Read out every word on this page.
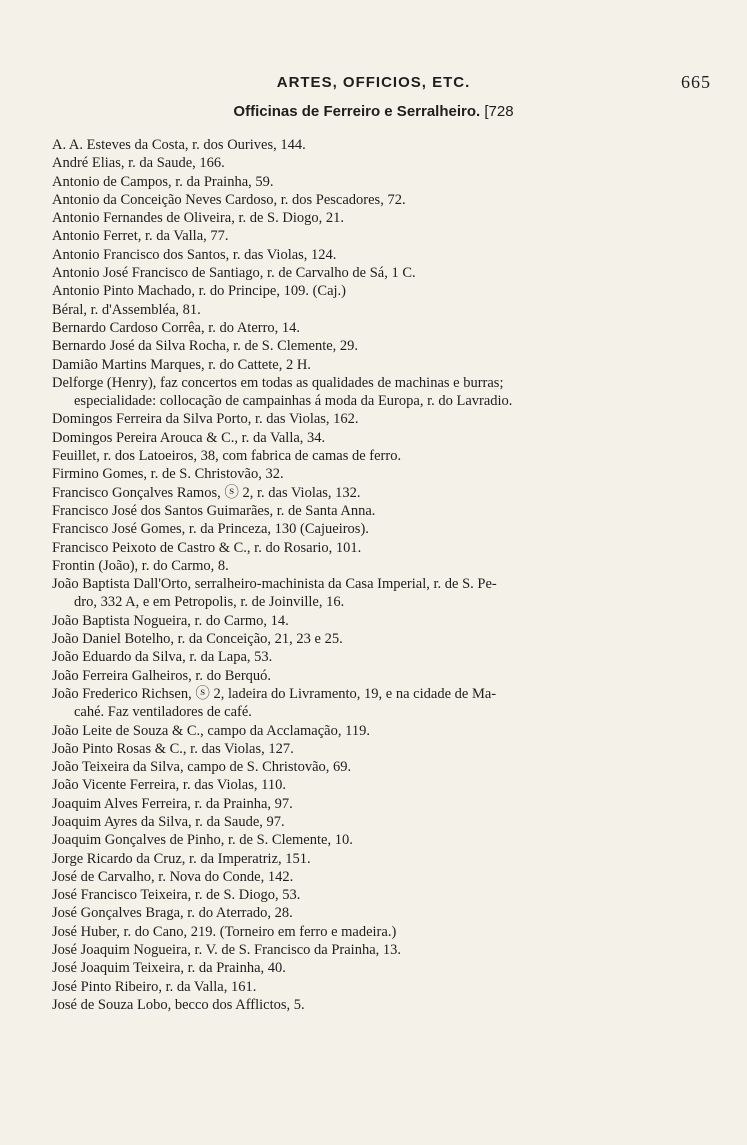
ARTES, OFFICIOS, ETC.	665
Officinas de Ferreiro e Serralheiro. [728

A. A. Esteves da Costa, r. dos Ourives, 144.

André Elias, r. da Saude, 166.

Antonio de Campos, r. da Prainha, 59.

Antonio da Conceição Neves Cardoso, r. dos Pescadores, 72.

Antonio Fernandes de Oliveira, r. de S. Diogo, 21.

Antonio Ferret, r. da Valla, 77.

Antonio Francisco dos Santos, r. das Violas, 124.

Antonio José Francisco de Santiago, r. de Carvalho de Sá, 1 C.

Antonio Pinto Machado, r. do Principe, 109. (Caj.)

Béral, r. d'Assembléa, 81.

Bernardo Cardoso Corrêa, r. do Aterro, 14.

Bernardo José da Silva Rocha, r. de S. Clemente, 29.

Damião Martins Marques, r. do Cattete, 2 H.

Delforge (Henry), faz concertos em todas as qualidades de machinas e burras;
especialidade: collocação de campainhas á moda da Europa, r. do Lavradio.

Domingos Ferreira da Silva Porto, r. das Violas, 162.

Domingos Pereira Arouca & C., r. da Valla, 34.

Feuillet, r. dos Latoeiros, 38, com fabrica de camas de ferro.

Firmino Gomes, r. de S. Christovão, 32.

Francisco Gonçalves Ramos, ⓢ 2, r. das Violas, 132.

Francisco José dos Santos Guimarães, r. de Santa Anna.

Francisco José Gomes, r. da Princeza, 130 (Cajueiros).

Francisco Peixoto de Castro & C., r. do Rosario, 101.

Frontin (João), r. do Carmo, 8.

João Baptista Dall'Orto, serralheiro-machinista da Casa Imperial, r. de S. Pe-
dro, 332 A, e em Petropolis, r. de Joinville, 16.

João Baptista Nogueira, r. do Carmo, 14.

João Daniel Botelho, r. da Conceição, 21, 23 e 25.

João Eduardo da Silva, r. da Lapa, 53.

João Ferreira Galheiros, r. do Berquó.

João Frederico Richsen, ⓢ 2, ladeira do Livramento, 19, e na cidade de Ma-
cahé. Faz ventiladores de café.

João Leite de Souza & C., campo da Acclamação, 119.

João Pinto Rosas & C., r. das Violas, 127.

João Teixeira da Silva, campo de S. Christovão, 69.

João Vicente Ferreira, r. das Violas, 110.

Joaquim Alves Ferreira, r. da Prainha, 97.

Joaquim Ayres da Silva, r. da Saude, 97.

Joaquim Gonçalves de Pinho, r. de S. Clemente, 10.

Jorge Ricardo da Cruz, r. da Imperatriz, 151.

José de Carvalho, r. Nova do Conde, 142.

José Francisco Teixeira, r. de S. Diogo, 53.

José Gonçalves Braga, r. do Aterrado, 28.

José Huber, r. do Cano, 219. (Torneiro em ferro e madeira.)

José Joaquim Nogueira, r. V. de S. Francisco da Prainha, 13.

José Joaquim Teixeira, r. da Prainha, 40.

José Pinto Ribeiro, r. da Valla, 161.

José de Souza Lobo, becco dos Afflictos, 5.
